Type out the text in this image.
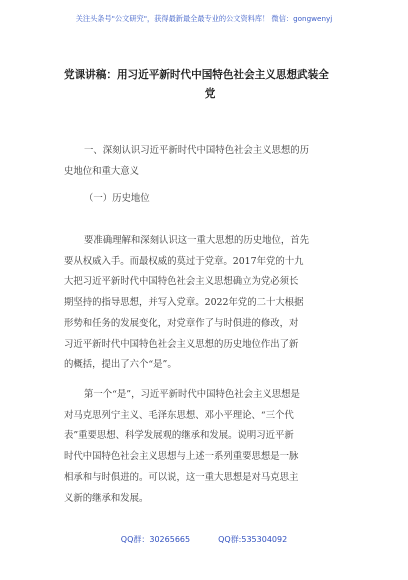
关注头条号"公文研究"，获得最新最全最专业的公文资料库！ 微信：gongwenyj
党课讲稿：用习近平新时代中国特色社会主义思想武装全
党
一、深刻认识习近平新时代中国特色社会主义思想的历
史地位和重大意义
（一）历史地位
要准确理解和深刻认识这一重大思想的历史地位，首先
要从权威入手。而最权威的莫过于党章。2017年党的十九
大把习近平新时代中国特色社会主义思想确立为党必须长
期坚持的指导思想，并写入党章。2022年党的二十大根据
形势和任务的发展变化，对党章作了与时俱进的修改，对
习近平新时代中国特色社会主义思想的历史地位作出了新
的概括，提出了六个“是”。
第一个“是”，习近平新时代中国特色社会主义思想是
对马克思列宁主义、毛泽东思想、邓小平理论、“三个代
表”重要思想、科学发展观的继承和发展。说明习近平新
时代中国特色社会主义思想与上述一系列重要思想是一脉
相承和与时俱进的。可以说，这一重大思想是对马克思主
义新的继承和发展。
QQ群：30265665	QQ群:535304092
